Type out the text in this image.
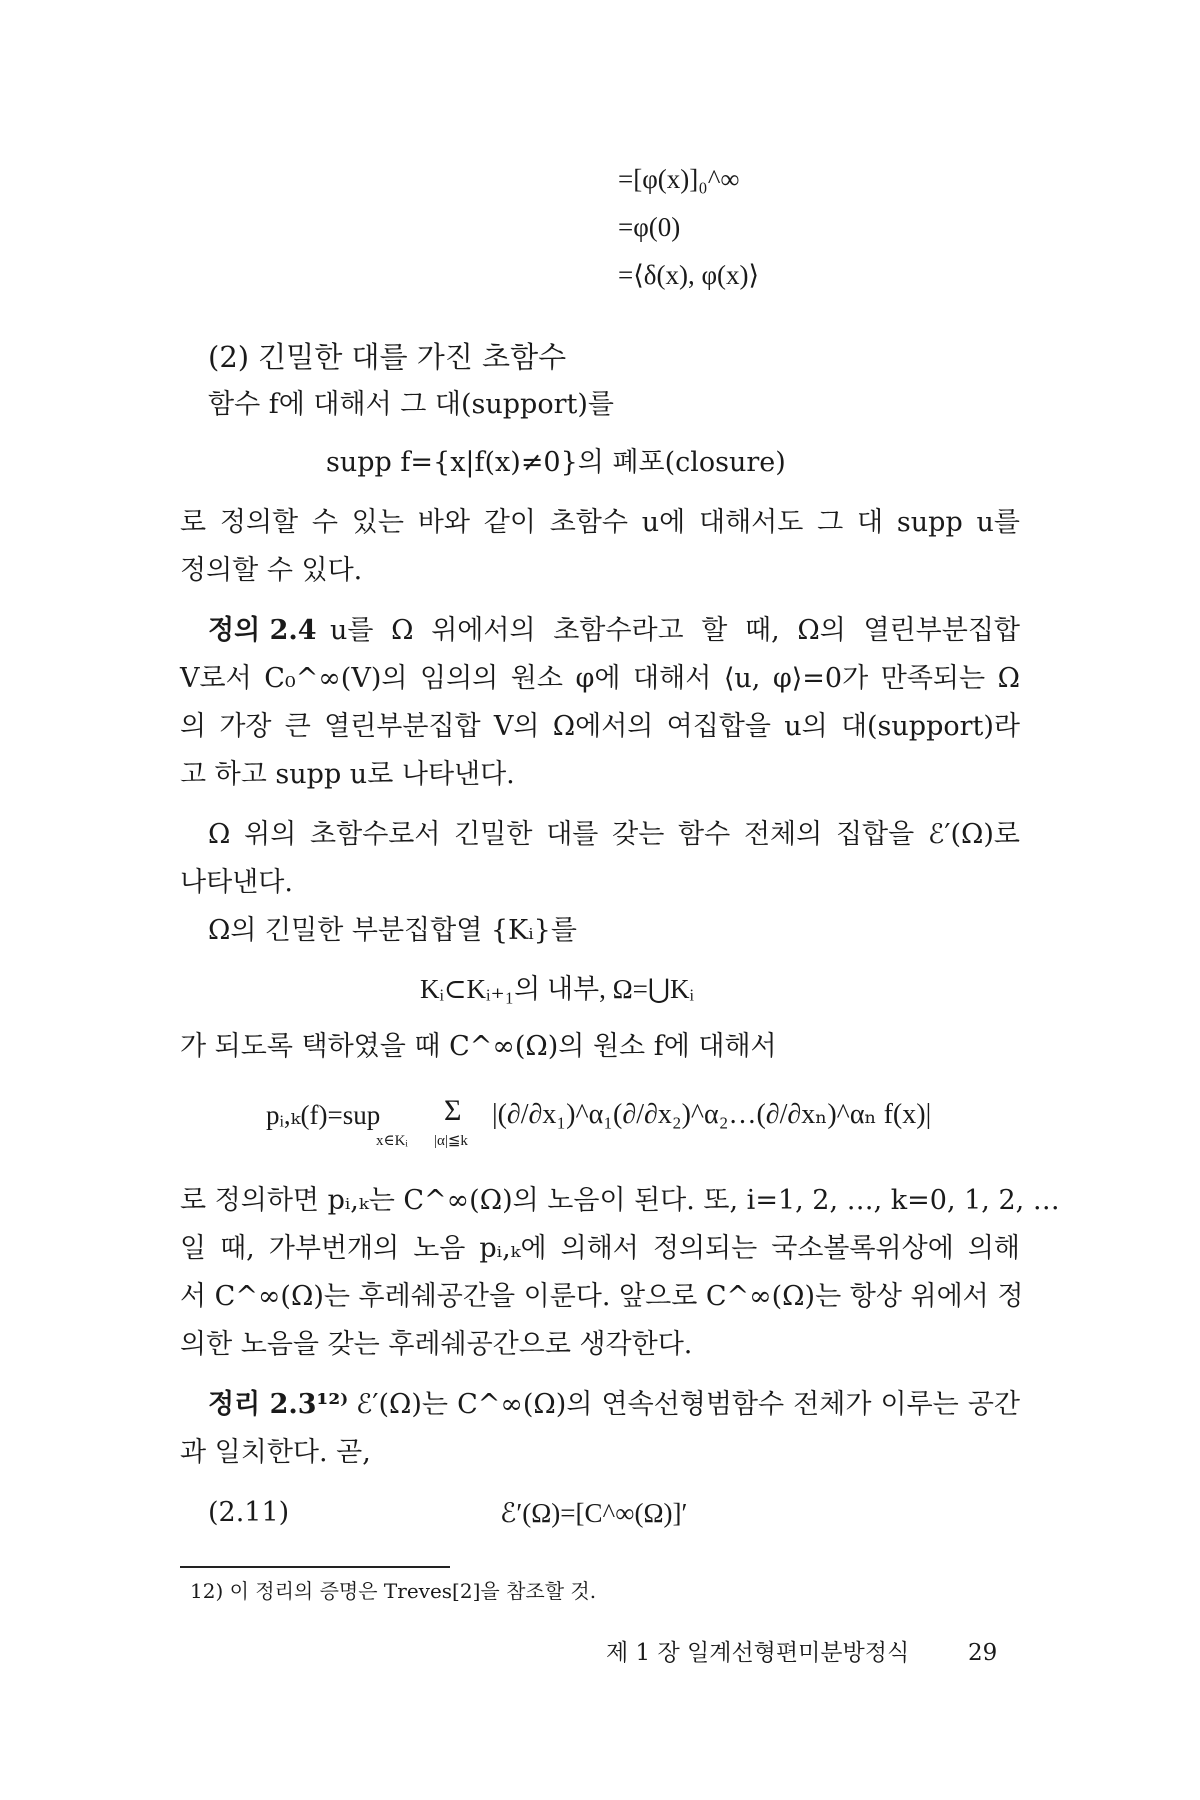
=[φ(x)]₀^∞
=φ(0)
=⟨δ(x), φ(x)⟩
(2) 긴밀한 대를 가진 초함수
함수 f에 대해서 그 대(support)를
supp f={x|f(x)≠0}의 폐포(closure)
로 정의할 수 있는 바와 같이 초함수 u에 대해서도 그 대 supp u를
정의할 수 있다.
정의 2.4 u를 Ω 위에서의 초함수라고 할 때, Ω의 열린부분집합
V로서 C₀^∞(V)의 임의의 원소 φ에 대해서 ⟨u, φ⟩=0가 만족되는 Ω
의 가장 큰 열린부분집합 V의 Ω에서의 여집합을 u의 대(support)라
고 하고 supp u로 나타낸다.
Ω 위의 초함수로서 긴밀한 대를 갖는 함수 전체의 집합을 ℰ′(Ω)로
나타낸다.
Ω의 긴밀한 부분집합열 {Kᵢ}를
Kᵢ⊂Kᵢ₊₁의 내부, Ω=⋃Kᵢ
가 되도록 택하였을 때 C^∞(Ω)의 원소 f에 대해서
pᵢ,ₖ(f)=sup
x∈Kᵢ
Σ
|α|≦k
|(∂/∂x₁)^α₁(∂/∂x₂)^α₂…(∂/∂xₙ)^αₙ f(x)|
로 정의하면 pᵢ,ₖ는 C^∞(Ω)의 노음이 된다. 또, i=1, 2, …, k=0, 1, 2, …
일 때, 가부번개의 노음 pᵢ,ₖ에 의해서 정의되는 국소볼록위상에 의해
서 C^∞(Ω)는 후레쉐공간을 이룬다. 앞으로 C^∞(Ω)는 항상 위에서 정
의한 노음을 갖는 후레쉐공간으로 생각한다.
정리 2.3¹²⁾ ℰ′(Ω)는 C^∞(Ω)의 연속선형범함수 전체가 이루는 공간
과 일치한다. 곧,
(2.11)	ℰ′(Ω)=[C^∞(Ω)]′
12) 이 정리의 증명은 Treves[2]을 참조할 것.
제 1 장 일계선형편미분방정식	29
